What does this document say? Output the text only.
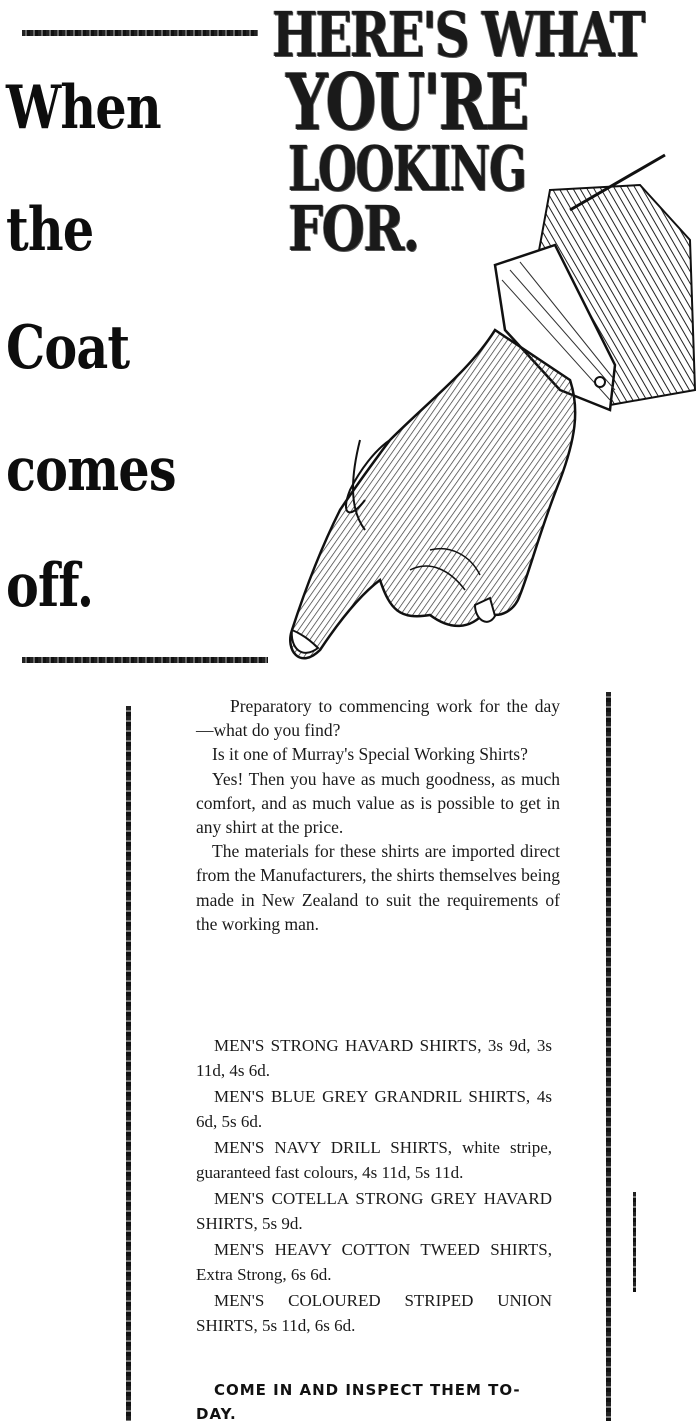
When
the
Coat
comes
off.
HERE'S WHAT
YOU'RE
LOOKING
FOR.

Preparatory to commencing work for the day—what do you find?

Is it one of Murray's Special Working Shirts?

Yes! Then you have as much goodness, as much comfort, and as much value as is possible to get in any shirt at the price.

The materials for these shirts are imported direct from the Manufacturers, the shirts themselves being made in New Zealand to suit the requirements of the working man.

MEN'S STRONG HAVARD SHIRTS, 3s 9d, 3s 11d, 4s 6d.

MEN'S BLUE GREY GRANDRIL SHIRTS, 4s 6d, 5s 6d.

MEN'S NAVY DRILL SHIRTS, white stripe, guaranteed fast colours, 4s 11d, 5s 11d.

MEN'S COTELLA STRONG GREY HAVARD SHIRTS, 5s 9d.

MEN'S HEAVY COTTON TWEED SHIRTS, Extra Strong, 6s 6d.

MEN'S COLOURED STRIPED UNION SHIRTS, 5s 11d, 6s 6d.

COME IN AND INSPECT THEM TO-DAY.
